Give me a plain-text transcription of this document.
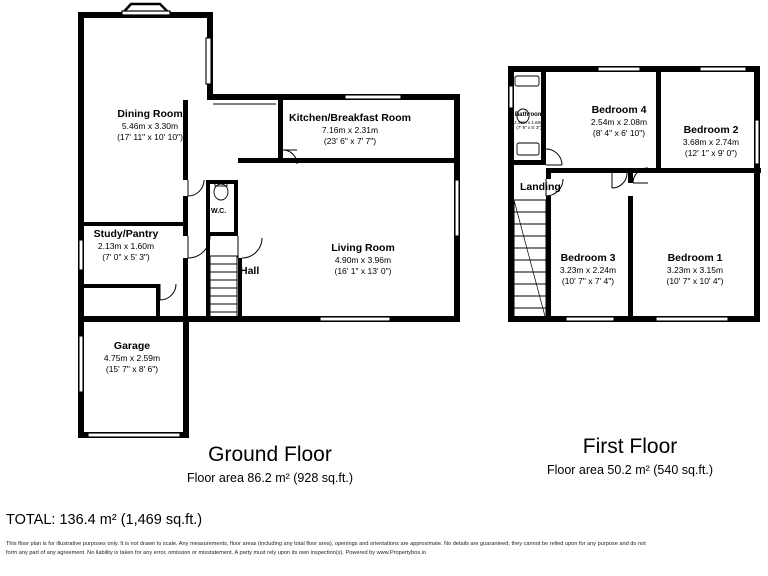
Dining Room
5.46m x 3.30m
(17' 11" x 10' 10")
Kitchen/Breakfast Room
7.16m x 2.31m
(23' 6" x 7' 7")
Study/Pantry
2.13m x 1.60m
(7' 0" x 5' 3")
Living Room
4.90m x 3.96m
(16' 1" x 13' 0")
Garage
4.75m x 2.59m
(15' 7" x 8' 6")
Hall
W.C.
Bathroom
2.36m x 1.60m
(7' 9" x 5' 3")
Bedroom 4
2.54m x 2.08m
(8' 4" x 6' 10")	Bedroom 2
3.68m x 2.74m
(12' 1" x 9' 0")
Bedroom 3
3.23m x 2.24m
(10' 7" x 7' 4")
Bedroom 1
3.23m x 3.15m
(10' 7" x 10' 4")
Landing
Ground Floor
Floor area 86.2 m² (928 sq.ft.)
First Floor
Floor area 50.2 m² (540 sq.ft.)
TOTAL: 136.4 m² (1,469 sq.ft.)
This floor plan is for illustrative purposes only. It is not drawn to scale. Any measurements, floor areas (including any total floor area), openings and orientations are approximate. No details are guaranteed, they cannot be relied upon for any purpose and do not form any part of any agreement. No liability is taken for any error, omission or misstatement. A party must rely upon its own inspection(s). Powered by www.Propertybox.io
